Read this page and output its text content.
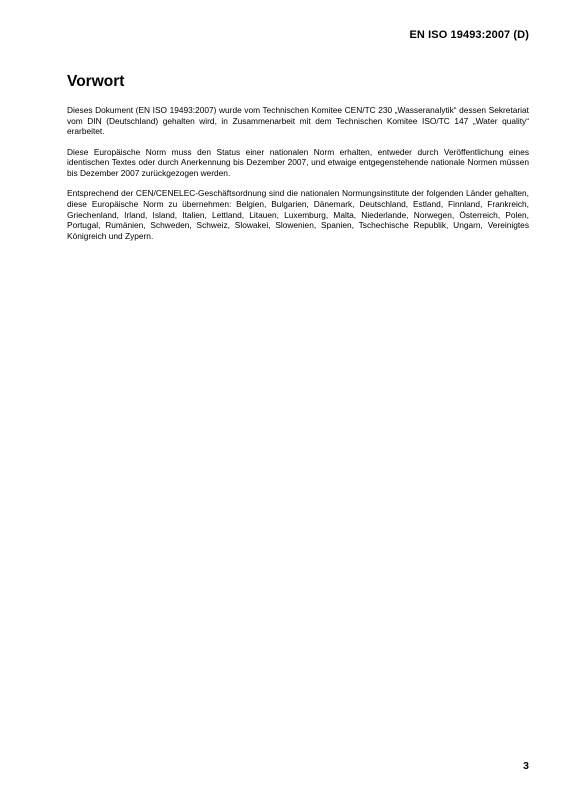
EN ISO 19493:2007 (D)
Vorwort

Dieses Dokument (EN ISO 19493:2007) wurde vom Technischen Komitee CEN/TC 230 „Wasseranalytik“ dessen Sekretariat vom DIN (Deutschland) gehalten wird, in Zusammenarbeit mit dem Technischen Komitee ISO/TC 147 „Water quality“ erarbeitet.

Diese Europäische Norm muss den Status einer nationalen Norm erhalten, entweder durch Veröffentlichung eines identischen Textes oder durch Anerkennung bis Dezember 2007, und etwaige entgegenstehende nationale Normen müssen bis Dezember 2007 zurückgezogen werden.

Entsprechend der CEN/CENELEC-Geschäftsordnung sind die nationalen Normungsinstitute der folgenden Länder gehalten, diese Europäische Norm zu übernehmen: Belgien, Bulgarien, Dänemark, Deutschland, Estland, Finnland, Frankreich, Griechenland, Irland, Island, Italien, Lettland, Litauen, Luxemburg, Malta, Niederlande, Norwegen, Österreich, Polen, Portugal, Rumänien, Schweden, Schweiz, Slowakei, Slowenien, Spanien, Tschechische Republik, Ungarn, Vereinigtes Königreich und Zypern.

3
